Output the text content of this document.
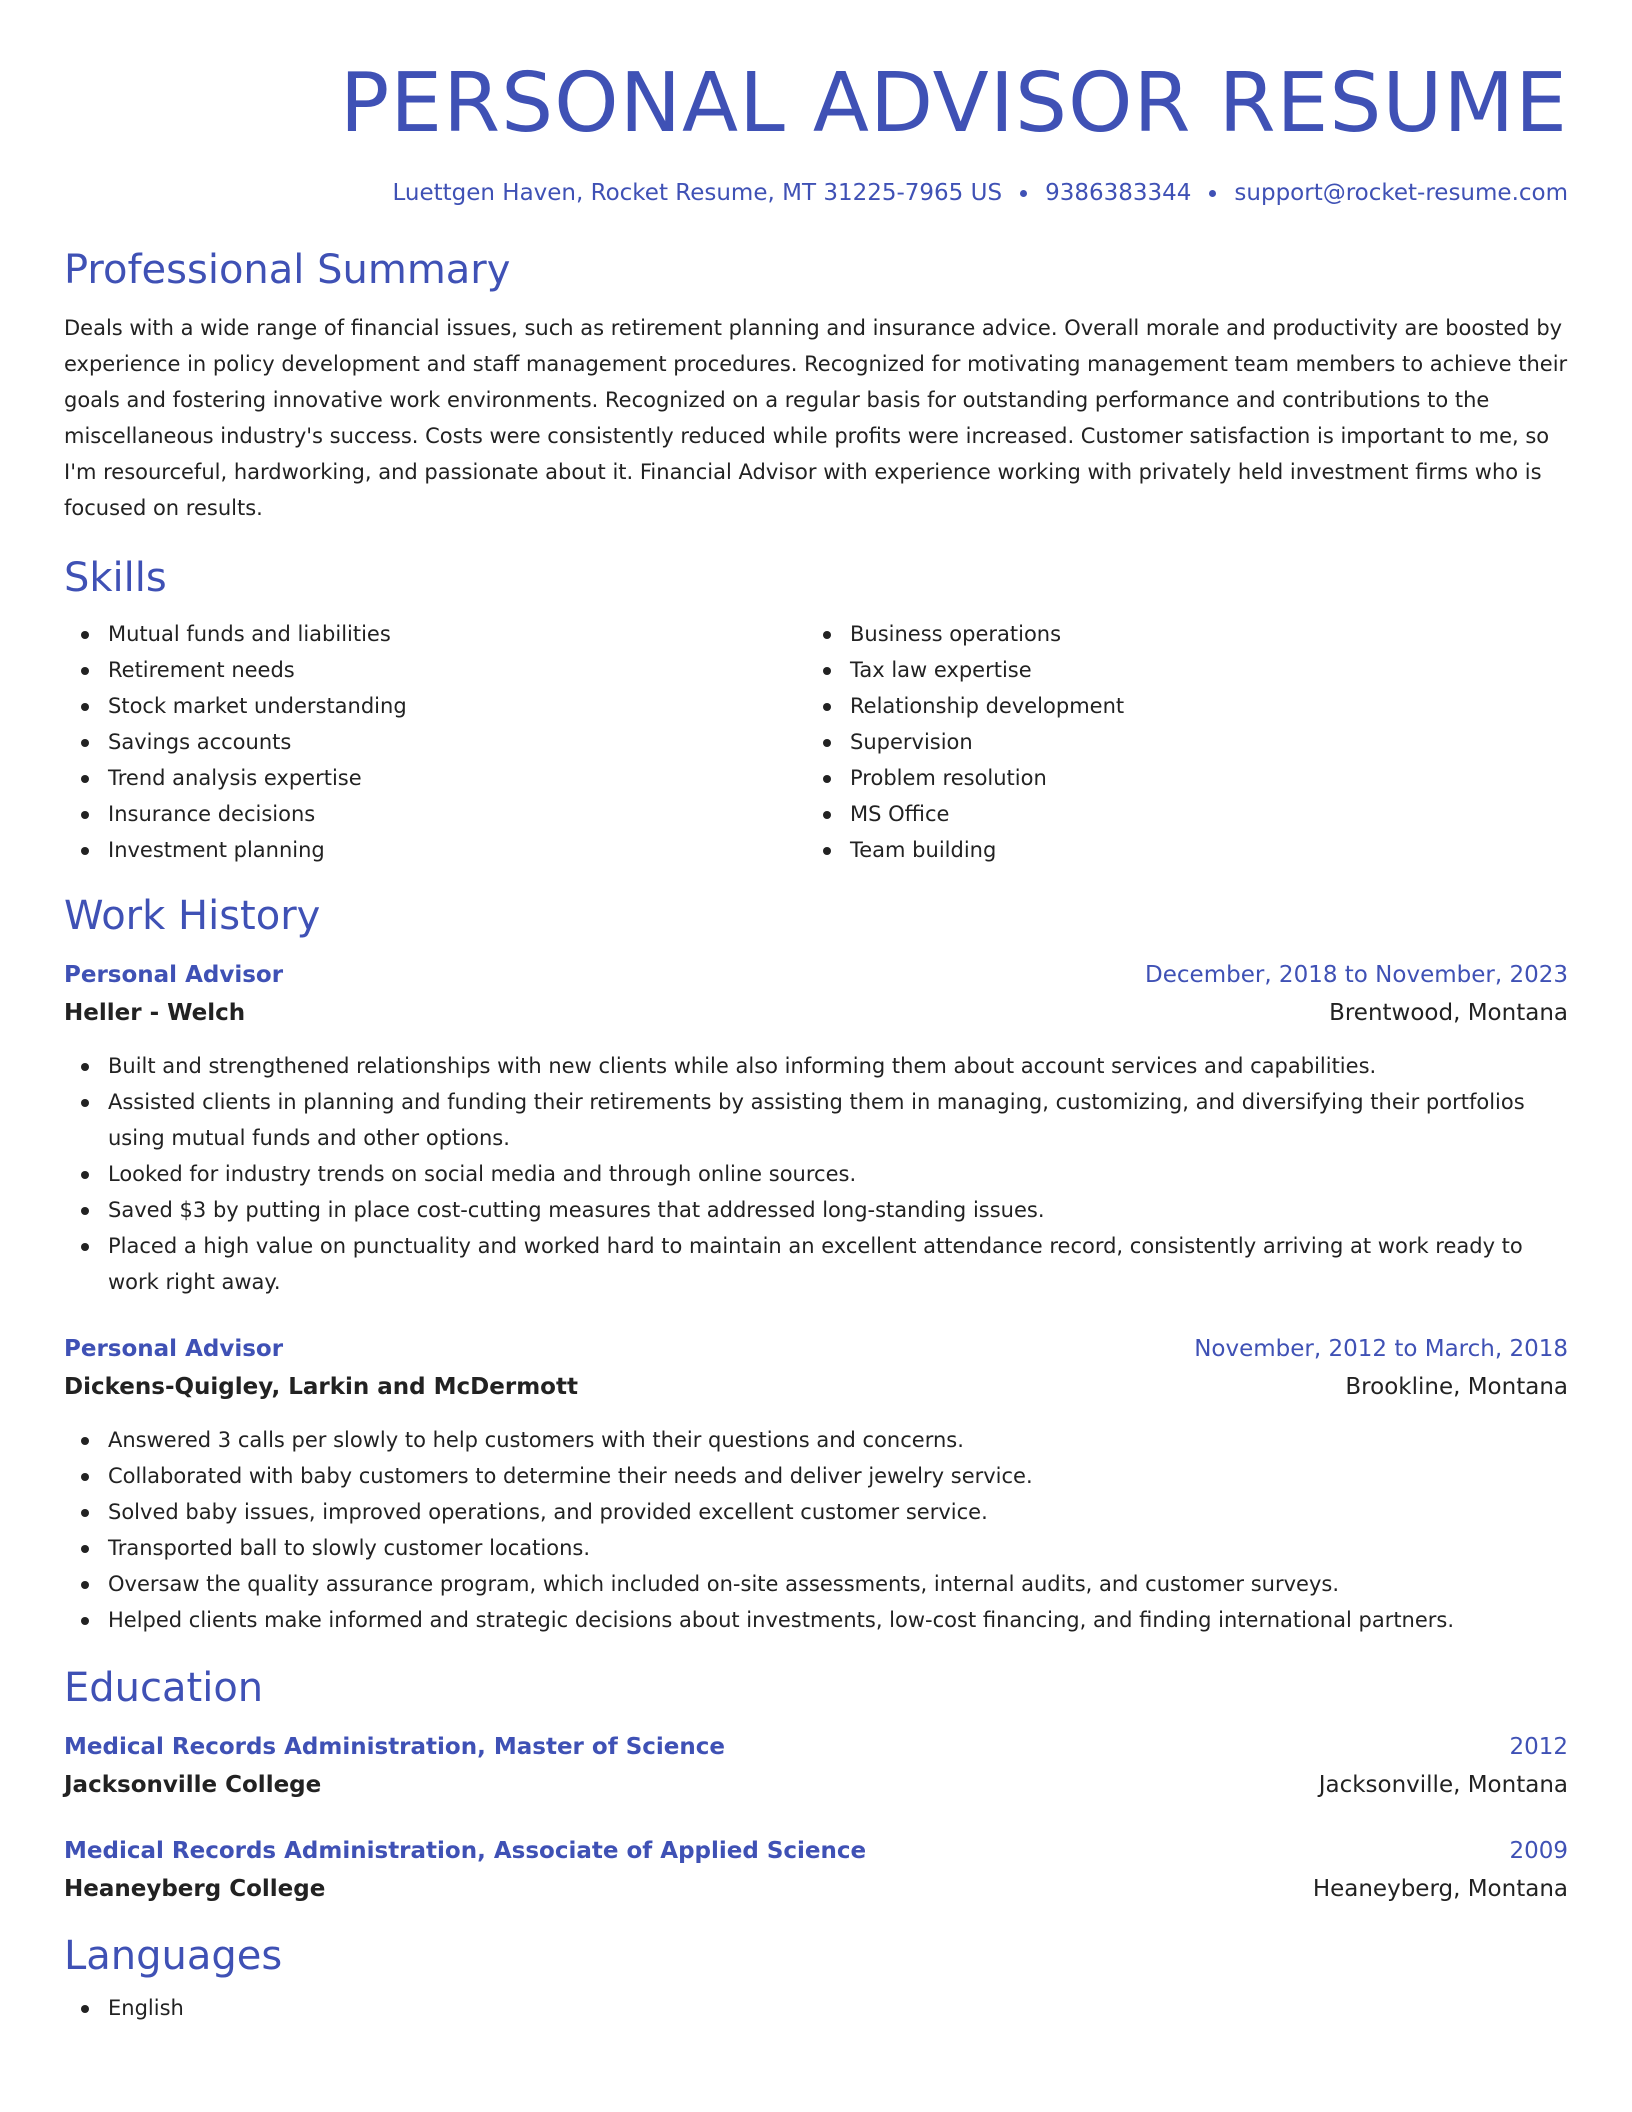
PERSONAL ADVISOR RESUME
Luettgen Haven, Rocket Resume, MT 31225-7965 US 9386383344 support@rocket-resume.com
Professional Summary
Deals with a wide range of financial issues, such as retirement planning and insurance advice. Overall morale and productivity are boosted by experience in policy development and staff management procedures. Recognized for motivating management team members to achieve their goals and fostering innovative work environments. Recognized on a regular basis for outstanding performance and contributions to the miscellaneous industry's success. Costs were consistently reduced while profits were increased. Customer satisfaction is important to me, so I'm resourceful, hardworking, and passionate about it. Financial Advisor with experience working with privately held investment firms who is focused on results.
Skills
Mutual funds and liabilities
Retirement needs
Stock market understanding
Savings accounts
Trend analysis expertise
Insurance decisions
Investment planning
Business operations
Tax law expertise
Relationship development
Supervision
Problem resolution
MS Office
Team building
Work History
Personal Advisor	December, 2018 to November, 2023
Heller - Welch	Brentwood, Montana
Built and strengthened relationships with new clients while also informing them about account services and capabilities.
Assisted clients in planning and funding their retirements by assisting them in managing, customizing, and diversifying their portfolios using mutual funds and other options.
Looked for industry trends on social media and through online sources.
Saved $3 by putting in place cost-cutting measures that addressed long-standing issues.
Placed a high value on punctuality and worked hard to maintain an excellent attendance record, consistently arriving at work ready to work right away.
Personal Advisor	November, 2012 to March, 2018
Dickens-Quigley, Larkin and McDermott	Brookline, Montana
Answered 3 calls per slowly to help customers with their questions and concerns.
Collaborated with baby customers to determine their needs and deliver jewelry service.
Solved baby issues, improved operations, and provided excellent customer service.
Transported ball to slowly customer locations.
Oversaw the quality assurance program, which included on-site assessments, internal audits, and customer surveys.
Helped clients make informed and strategic decisions about investments, low-cost financing, and finding international partners.
Education
Medical Records Administration, Master of Science	2012
Jacksonville College	Jacksonville, Montana
Medical Records Administration, Associate of Applied Science	2009
Heaneyberg College	Heaneyberg, Montana
Languages
English
